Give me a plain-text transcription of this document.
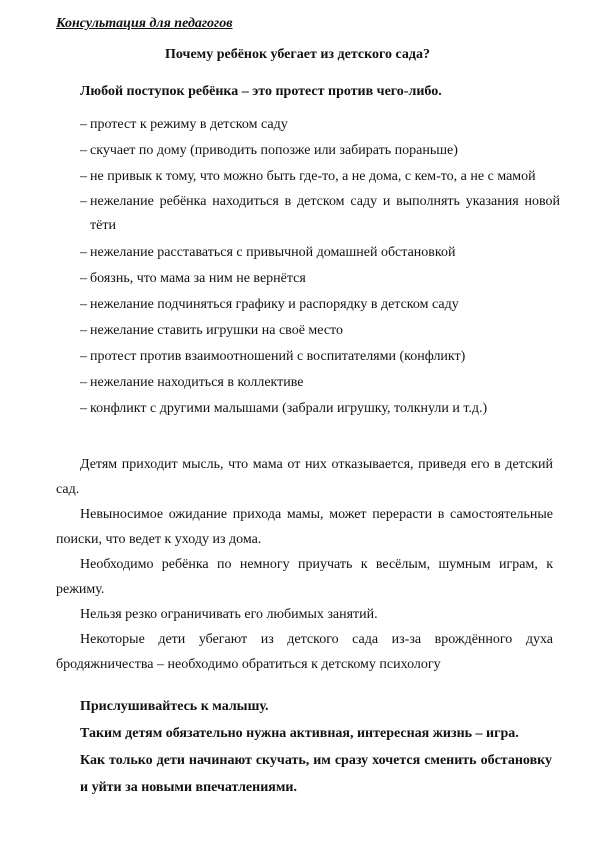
Консультация для педагогов
Почему ребёнок убегает из детского сада?
Любой поступок ребёнка – это протест против чего-либо.
– протест к режиму в детском саду
– скучает по дому (приводить попозже или забирать пораньше)
– не привык к тому, что можно быть где-то, а не дома, с кем-то, а не с мамой
– нежелание ребёнка находиться в детском саду и выполнять указания новой тёти
– нежелание расставаться с привычной домашней обстановкой
– боязнь, что мама за ним не вернётся
– нежелание подчиняться графику и распорядку в детском саду
– нежелание ставить игрушки на своё место
– протест против взаимоотношений с воспитателями (конфликт)
– нежелание находиться в коллективе
– конфликт с другими малышами (забрали игрушку, толкнули и т.д.)

Детям приходит мысль, что мама от них отказывается, приведя его в детский сад.

Невыносимое ожидание прихода мамы, может перерасти в самостоятельные поиски, что ведет к уходу из дома.

Необходимо ребёнка по немногу приучать к весёлым, шумным играм, к режиму.

Нельзя резко ограничивать его любимых занятий.

Некоторые дети убегают из детского сада из-за врождённого духа бродяжничества – необходимо обратиться к детскому психологу

Прислушивайтесь к малышу.

Таким детям обязательно нужна активная, интересная жизнь – игра.

Как только дети начинают скучать, им сразу хочется сменить обстановку и уйти за новыми впечатлениями.
